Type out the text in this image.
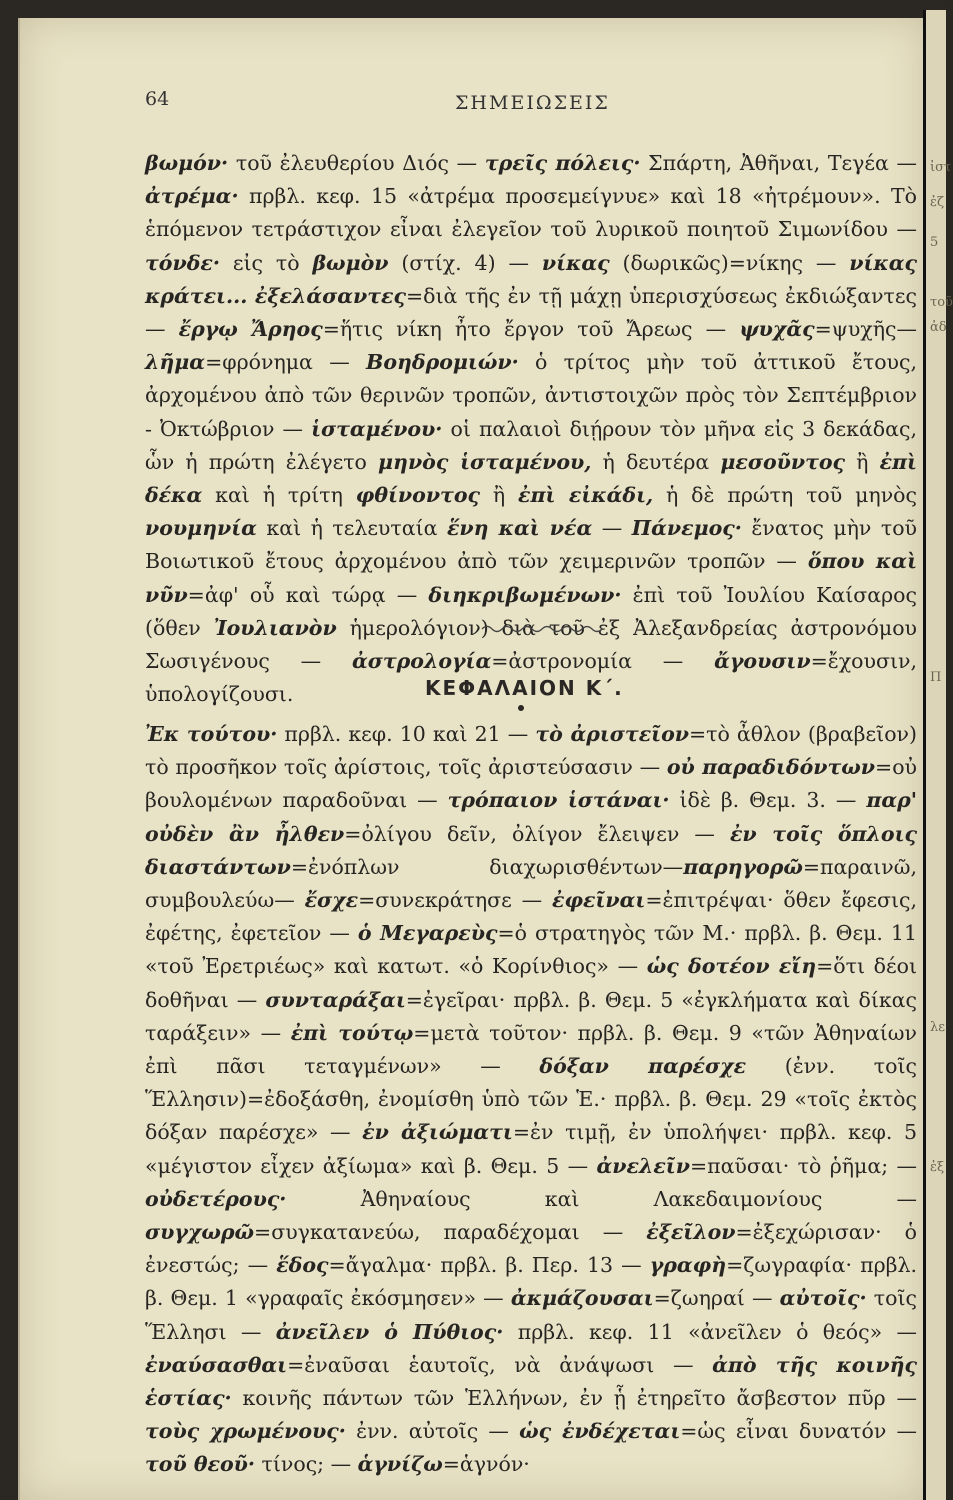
ἰστ
ἐζ
5
τοῦ
ἀδ
Π
λε
ἐξ
64	ΣΗΜΕΙΩΣΕΙΣ
βωμόν· τοῦ ἐλευθερίου Διός — τρεῖς πόλεις· Σπάρτη, Ἀθῆναι, Τεγέα — ἀτρέμα· πρβλ. κεφ. 15 «ἀτρέμα προσεμείγνυε» καὶ 18 «ἠτρέμουν». Τὸ ἑπόμενον τετράστιχον εἶναι ἐλεγεῖον τοῦ λυρικοῦ ποιητοῦ Σιμωνίδου — τόνδε· εἰς τὸ βωμὸν (στίχ. 4) — νίκας (δωρικῶς)=νίκης — νίκας κράτει... ἐξελάσαντες=διὰ τῆς ἐν τῇ μάχῃ ὑπερισχύσεως ἐκδιώξαντες — ἔργῳ Ἄρηος=ἥτις νίκη ἦτο ἔργον τοῦ Ἄρεως — ψυχᾶς=ψυχῆς—λῆμα=φρόνημα — Βοηδρομιών· ὁ τρίτος μὴν τοῦ ἀττικοῦ ἔτους, ἀρχομένου ἀπὸ τῶν θερινῶν τροπῶν, ἀντιστοιχῶν πρὸς τὸν Σεπτέμβριον - Ὀκτώβριον — ἱσταμένου· οἱ παλαιοὶ διῄρουν τὸν μῆνα εἰς 3 δεκάδας, ὧν ἡ πρώτη ἐλέγετο μηνὸς ἱσταμένου, ἡ δευτέρα μεσοῦντος ἢ ἐπὶ δέκα καὶ ἡ τρίτη φθίνοντος ἢ ἐπὶ εἰκάδι, ἡ δὲ πρώτη τοῦ μηνὸς νουμηνία καὶ ἡ τελευταία ἕνη καὶ νέα — Πάνεμος· ἔνατος μὴν τοῦ Βοιωτικοῦ ἔτους ἀρχομένου ἀπὸ τῶν χειμερινῶν τροπῶν — ὅπου καὶ νῦν=ἀφ' οὗ καὶ τώρᾳ — διηκριβωμένων· ἐπὶ τοῦ Ἰουλίου Καίσαρος (ὅθεν Ἰουλιανὸν ἡμερολόγιον) διὰ τοῦ ἐξ Ἀλεξανδρείας ἀστρονόμου Σωσιγένους — ἀστρολογία=ἀστρονομία — ἄγουσιν=ἔχουσιν, ὑπολογίζουσι.	ΚΕΦΑΛΑΙΟΝ Κ΄.
Ἐκ τούτου· πρβλ. κεφ. 10 καὶ 21 — τὸ ἀριστεῖον=τὸ ἆθλον (βραβεῖον) τὸ προσῆκον τοῖς ἀρίστοις, τοῖς ἀριστεύσασιν — οὐ παραδιδόντων=οὐ βουλομένων παραδοῦναι — τρόπαιον ἱστάναι· ἰδὲ β. Θεμ. 3. — παρ' οὐδὲν ἂν ἦλθεν=ὀλίγου δεῖν, ὀλίγον ἔλειψεν — ἐν τοῖς ὅπλοις διαστάντων=ἐνόπλων διαχωρισθέντων—παρηγορῶ=παραινῶ, συμβουλεύω— ἔσχε=συνεκράτησε — ἐφεῖναι=ἐπιτρέψαι· ὅθεν ἔφεσις, ἐφέτης, ἐφετεῖον — ὁ Μεγαρεὺς=ὁ στρατηγὸς τῶν Μ.· πρβλ. β. Θεμ. 11 «τοῦ Ἐρετριέως» καὶ κατωτ. «ὁ Κορίνθιος» — ὡς δοτέον εἴη=ὅτι δέοι δοθῆναι — συνταράξαι=ἐγεῖραι· πρβλ. β. Θεμ. 5 «ἐγκλήματα καὶ δίκας ταράξειν» — ἐπὶ τούτῳ=μετὰ τοῦτον· πρβλ. β. Θεμ. 9 «τῶν Ἀθηναίων ἐπὶ πᾶσι τεταγμένων» — δόξαν παρέσχε (ἐνν. τοῖς Ἕλλησιν)=ἐδοξάσθη, ἐνομίσθη ὑπὸ τῶν Ἑ.· πρβλ. β. Θεμ. 29 «τοῖς ἐκτὸς δόξαν παρέσχε» — ἐν ἀξιώματι=ἐν τιμῇ, ἐν ὑπολήψει· πρβλ. κεφ. 5 «μέγιστον εἶχεν ἀξίωμα» καὶ β. Θεμ. 5 — ἀνελεῖν=παῦσαι· τὸ ῥῆμα; — οὐδετέρους· Ἀθηναίους καὶ Λακεδαιμονίους — συγχωρῶ=συγκατανεύω, παραδέχομαι — ἐξεῖλον=ἐξεχώρισαν· ὁ ἐνεστώς; — ἕδος=ἄγαλμα· πρβλ. β. Περ. 13 — γραφὴ=ζωγραφία· πρβλ. β. Θεμ. 1 «γραφαῖς ἐκόσμησεν» — ἀκμάζουσαι=ζωηραί — αὐτοῖς· τοῖς Ἕλλησι — ἀνεῖλεν ὁ Πύθιος· πρβλ. κεφ. 11 «ἀνεῖλεν ὁ θεός» — ἐναύσασθαι=ἐναῦσαι ἑαυτοῖς, νὰ ἀνάψωσι — ἀπὸ τῆς κοινῆς ἑστίας· κοινῆς πάντων τῶν Ἑλλήνων, ἐν ᾗ ἐτηρεῖτο ἄσβεστον πῦρ — τοὺς χρωμένους· ἐνν. αὐτοῖς — ὡς ἐνδέχεται=ὡς εἶναι δυνατόν — τοῦ θεοῦ· τίνος; — ἁγνίζω=ἁγνόν·
